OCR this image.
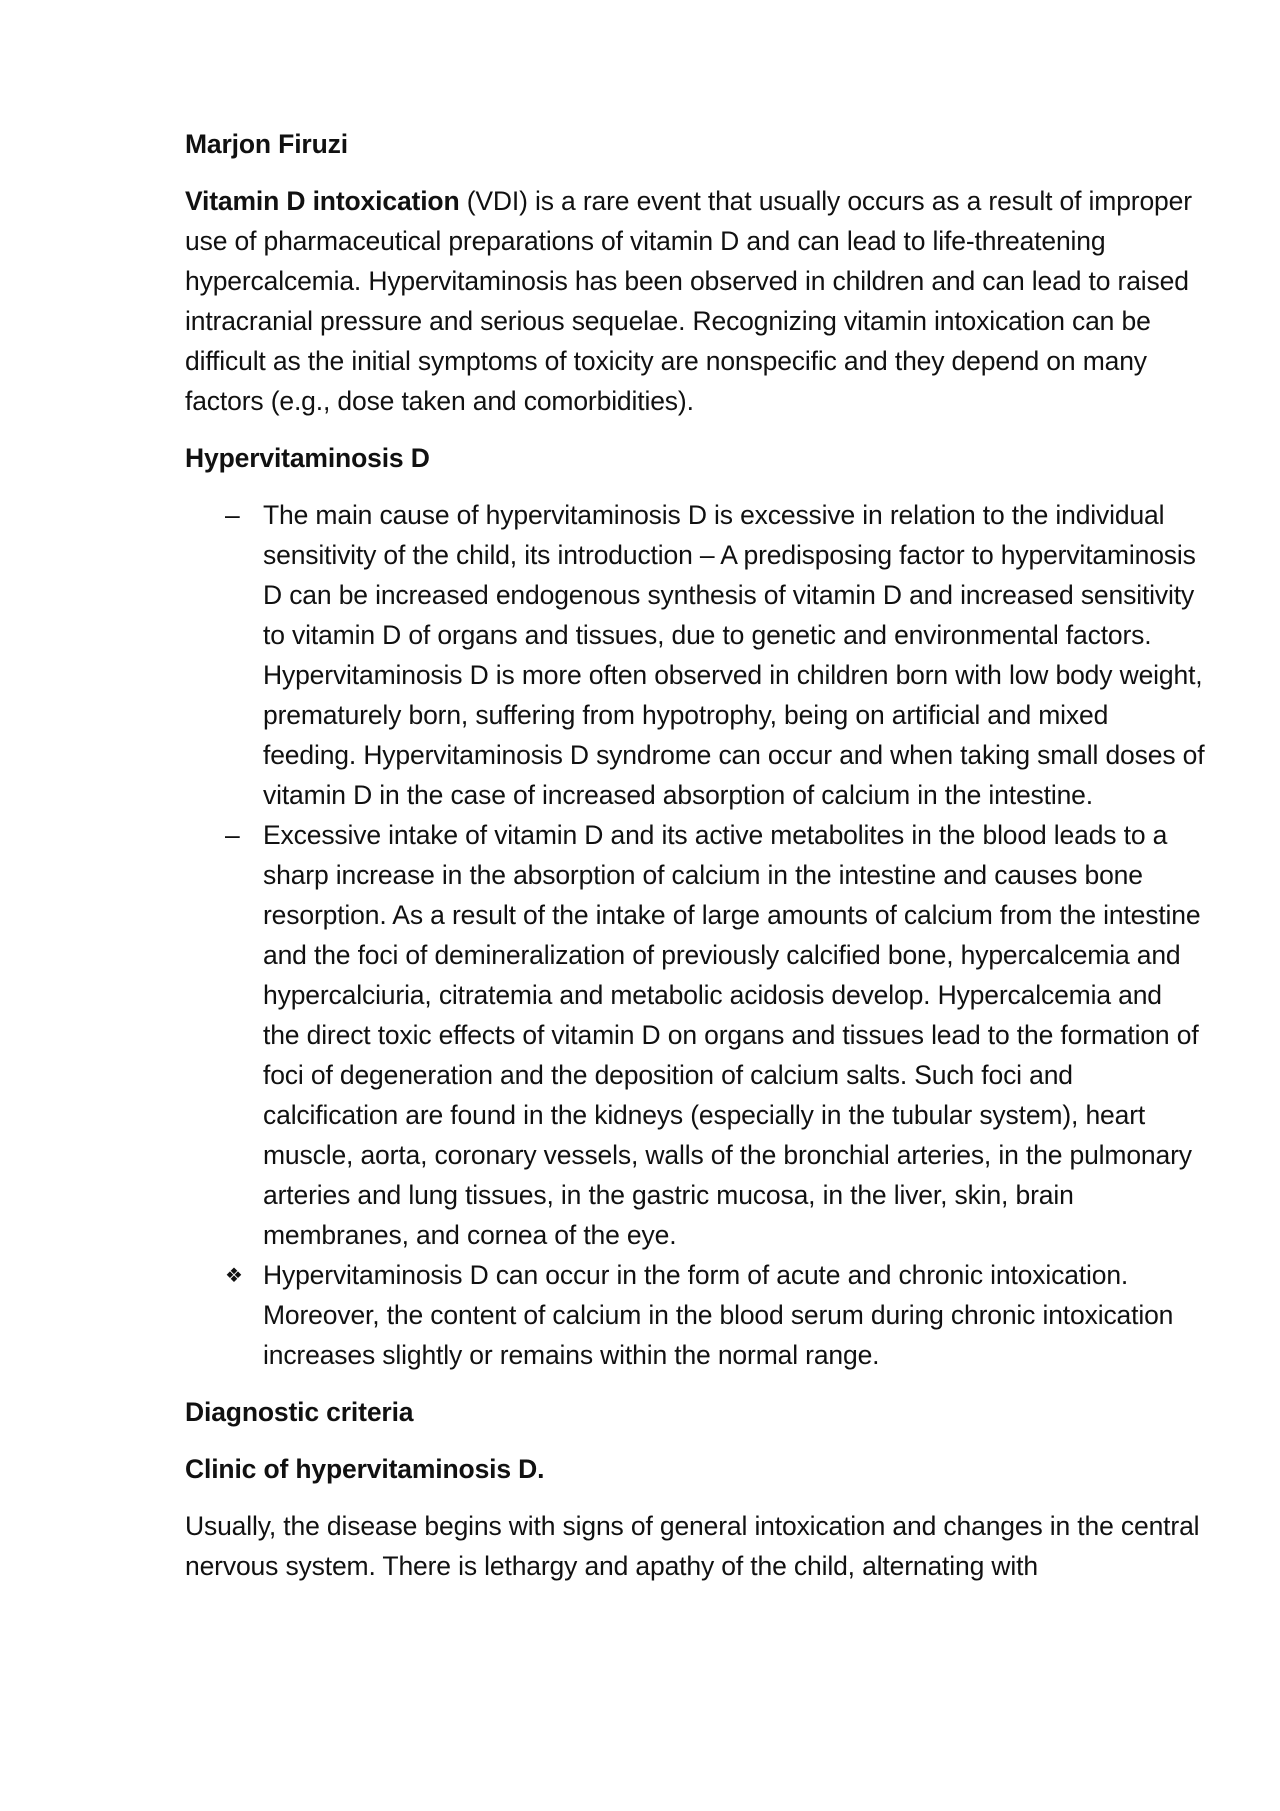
Marjon Firuzi

Vitamin D intoxication (VDI) is a rare event that usually occurs as a result of improper use of pharmaceutical preparations of vitamin D and can lead to life-threatening hypercalcemia. Hypervitaminosis has been observed in children and can lead to raised intracranial pressure and serious sequelae. Recognizing vitamin intoxication can be difficult as the initial symptoms of toxicity are nonspecific and they depend on many factors (e.g., dose taken and comorbidities).

Hypervitaminosis D

– The main cause of hypervitaminosis D is excessive in relation to the individual sensitivity of the child, its introduction – A predisposing factor to hypervitaminosis D can be increased endogenous synthesis of vitamin D and increased sensitivity to vitamin D of organs and tissues, due to genetic and environmental factors. Hypervitaminosis D is more often observed in children born with low body weight, prematurely born, suffering from hypotrophy, being on artificial and mixed feeding. Hypervitaminosis D syndrome can occur and when taking small doses of vitamin D in the case of increased absorption of calcium in the intestine.
– Excessive intake of vitamin D and its active metabolites in the blood leads to a sharp increase in the absorption of calcium in the intestine and causes bone resorption. As a result of the intake of large amounts of calcium from the intestine and the foci of demineralization of previously calcified bone, hypercalcemia and hypercalciuria, citratemia and metabolic acidosis develop. Hypercalcemia and the direct toxic effects of vitamin D on organs and tissues lead to the formation of foci of degeneration and the deposition of calcium salts. Such foci and calcification are found in the kidneys (especially in the tubular system), heart muscle, aorta, coronary vessels, walls of the bronchial arteries, in the pulmonary arteries and lung tissues, in the gastric mucosa, in the liver, skin, brain membranes, and cornea of the eye.
❖ Hypervitaminosis D can occur in the form of acute and chronic intoxication. Moreover, the content of calcium in the blood serum during chronic intoxication increases slightly or remains within the normal range.

Diagnostic criteria

Clinic of hypervitaminosis D.

Usually, the disease begins with signs of general intoxication and changes in the central nervous system. There is lethargy and apathy of the child, alternating with
